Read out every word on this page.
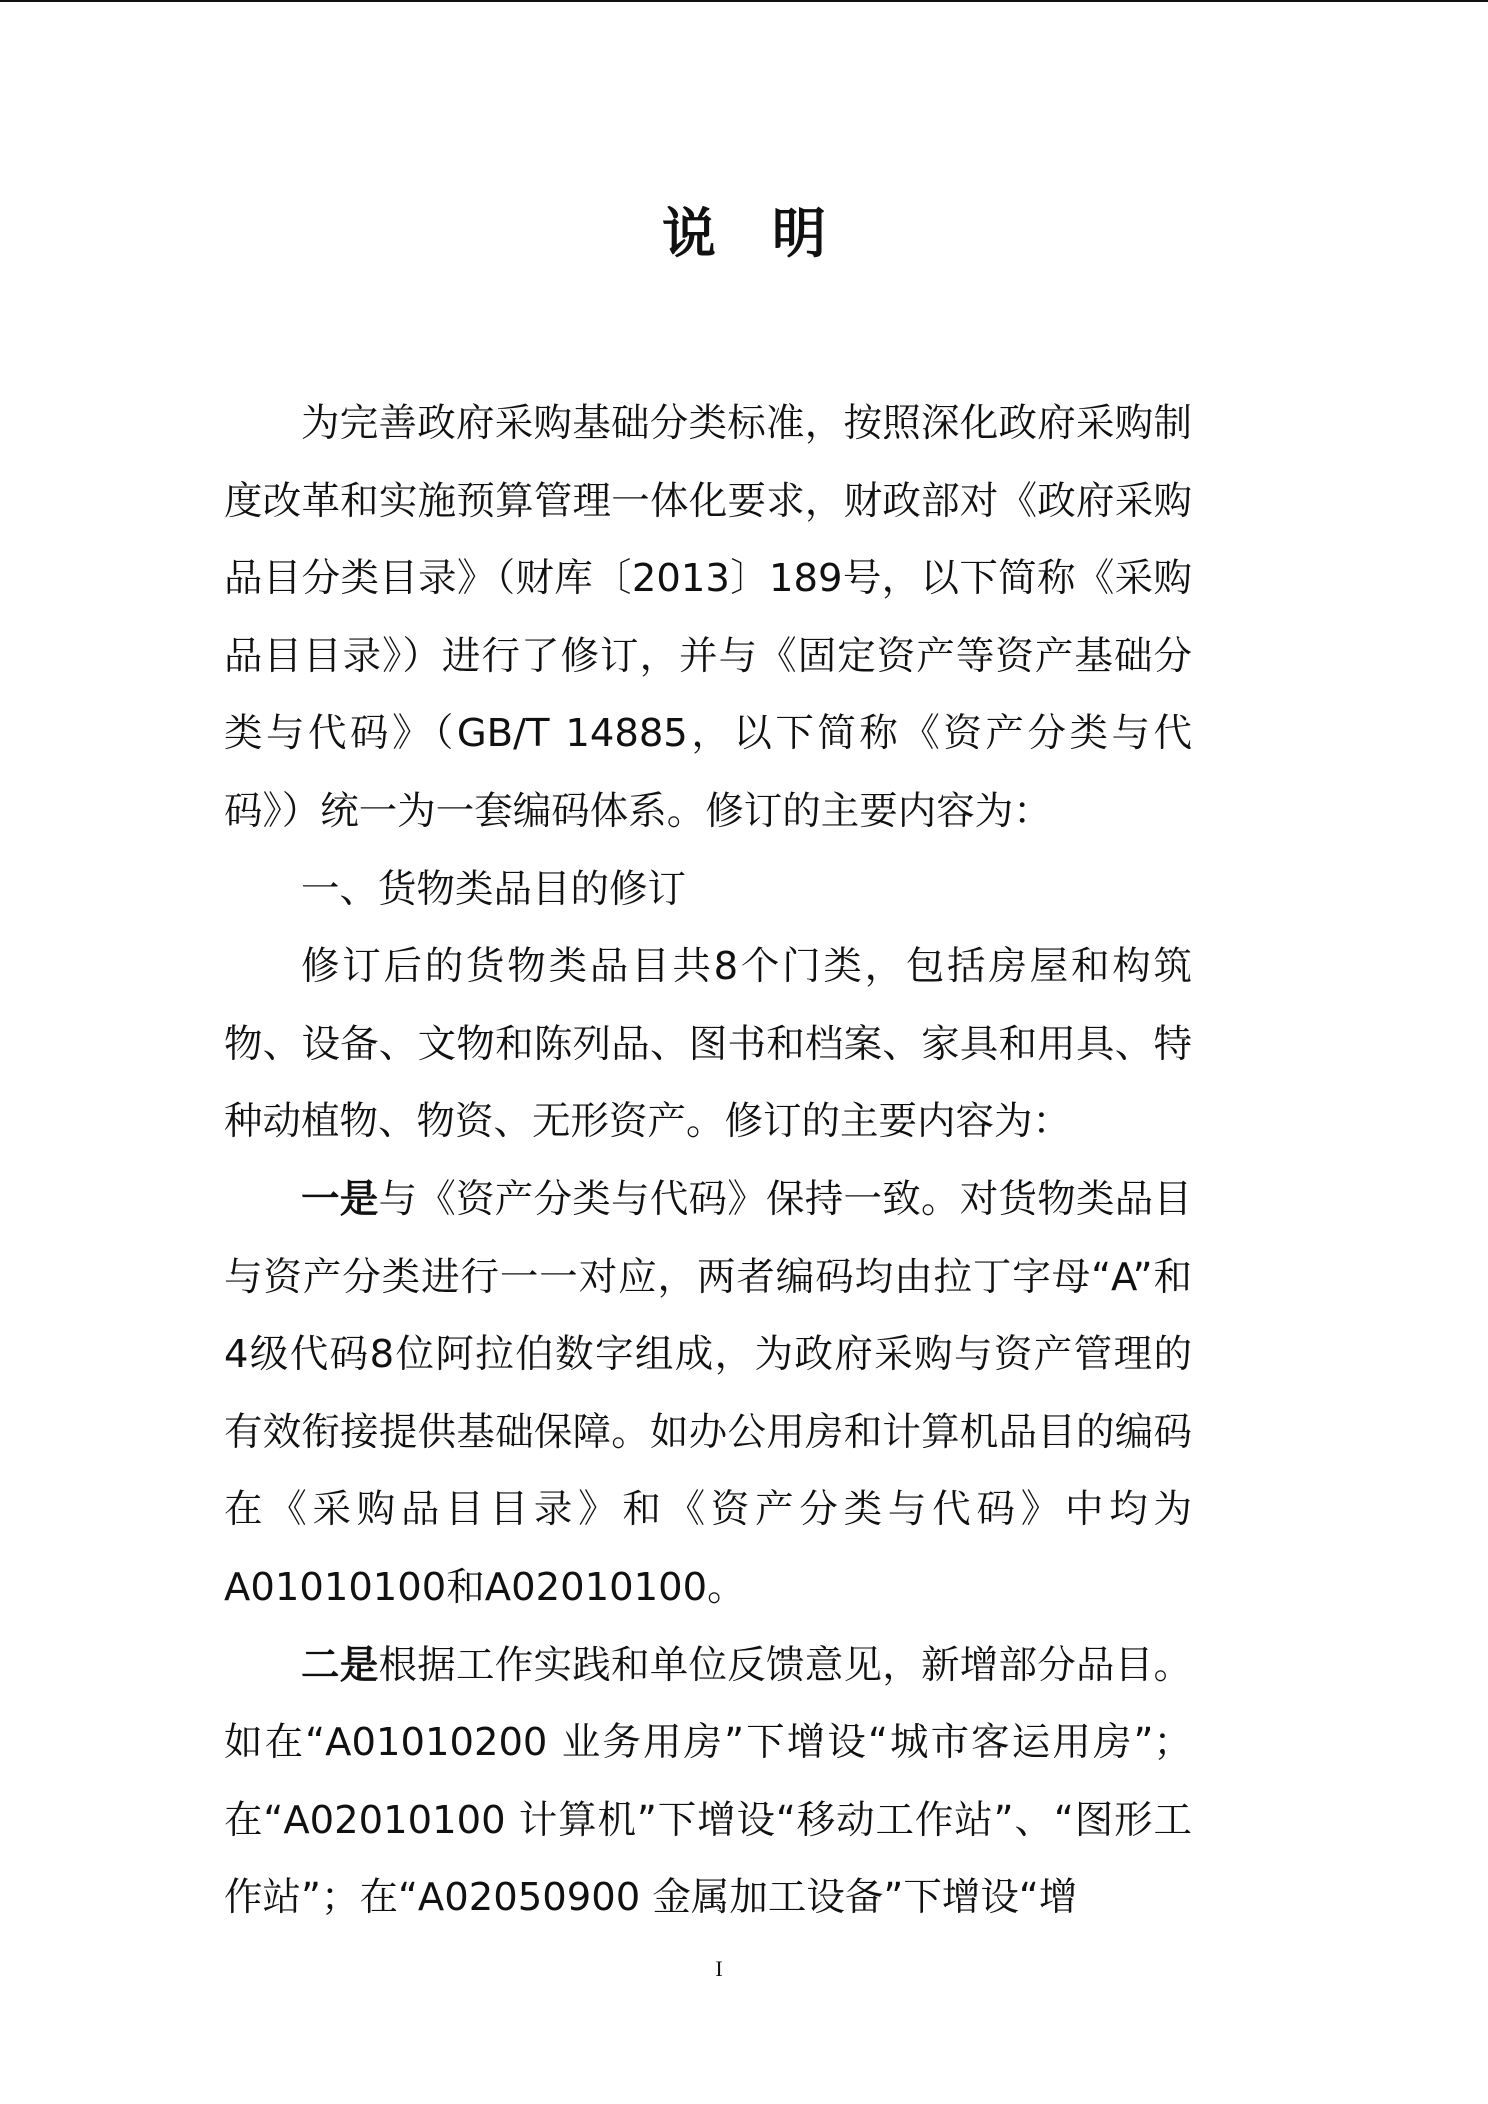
说明

为完善政府采购基础分类标准，按照深化政府采购制度改革和实施预算管理一体化要求，财政部对《政府采购品目分类目录》（财库〔2013〕189号，以下简称《采购品目目录》）进行了修订，并与《固定资产等资产基础分类与代码》（GB/T 14885，以下简称《资产分类与代码》）统一为一套编码体系。修订的主要内容为：

一、货物类品目的修订

修订后的货物类品目共8个门类，包括房屋和构筑物、设备、文物和陈列品、图书和档案、家具和用具、特种动植物、物资、无形资产。修订的主要内容为：

一是与《资产分类与代码》保持一致。对货物类品目与资产分类进行一一对应，两者编码均由拉丁字母“A”和4级代码8位阿拉伯数字组成，为政府采购与资产管理的有效衔接提供基础保障。如办公用房和计算机品目的编码在《采购品目目录》和《资产分类与代码》中均为A01010100和A02010100。

二是根据工作实践和单位反馈意见，新增部分品目。如在“A01010200 业务用房”下增设“城市客运用房”；在“A02010100 计算机”下增设“移动工作站”、“图形工作站”；在“A02050900 金属加工设备”下增设“增

I
